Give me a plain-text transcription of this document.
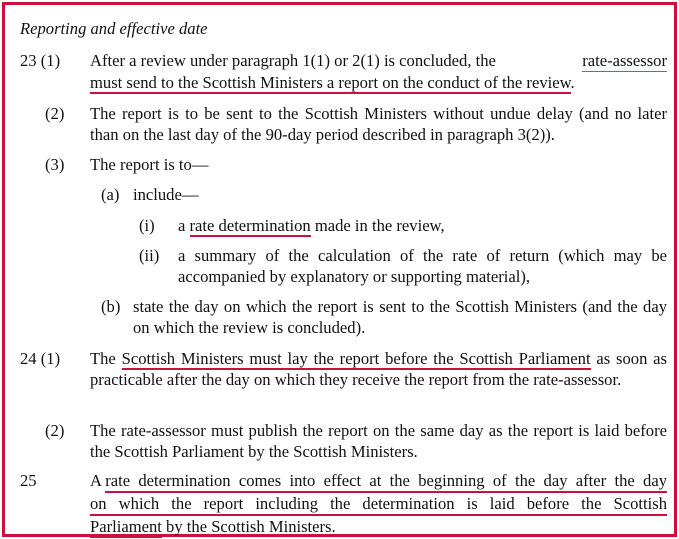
Reporting and effective date
23 (1) After a review under paragraph 1(1) or 2(1) is concluded, the	rate-assessor
must send to the Scottish Ministers a report on the conduct of the review.
(2) The report is to be sent to the Scottish Ministers without undue delay (and no later than on the last day of the 90-day period described in paragraph 3(2)).
(3) The report is to—
(a) include—
(i) a rate determination made in the review,
(ii) a summary of the calculation of the rate of return (which may be accompanied by explanatory or supporting material),
(b) state the day on which the report is sent to the Scottish Ministers (and the day on which the review is concluded).
24 (1) The Scottish Ministers must lay the report before the Scottish Parliament as soon as practicable after the day on which they receive the report from the rate-assessor.
(2) The rate-assessor must publish the report on the same day as the report is laid before the Scottish Parliament by the Scottish Ministers.
25	A rate determination comes into effect at the beginning of the day after the day
on which the report including the determination is laid before the Scottish
Parliament by the Scottish Ministers.
